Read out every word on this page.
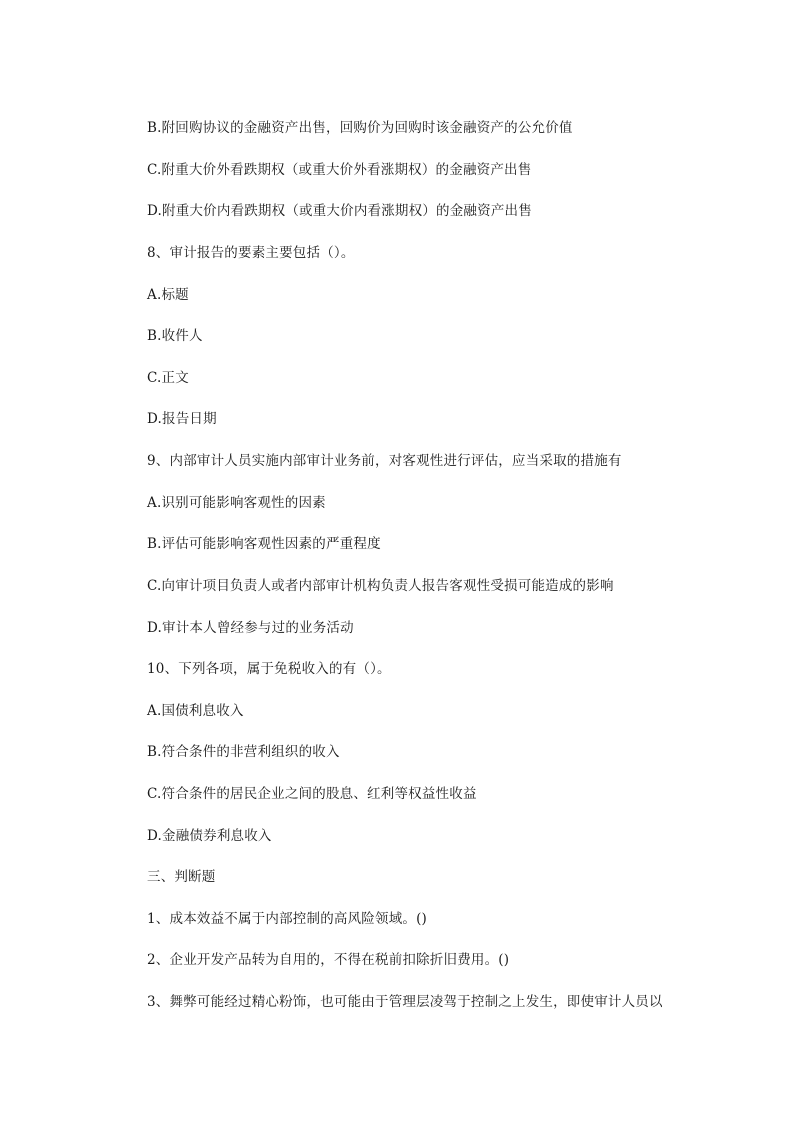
B.附回购协议的金融资产出售，回购价为回购时该金融资产的公允价值
C.附重大价外看跌期权（或重大价外看涨期权）的金融资产出售
D.附重大价内看跌期权（或重大价内看涨期权）的金融资产出售
8、审计报告的要素主要包括（）。
A.标题
B.收件人
C.正文
D.报告日期
9、内部审计人员实施内部审计业务前，对客观性进行评估，应当采取的措施有
A.识别可能影响客观性的因素
B.评估可能影响客观性因素的严重程度
C.向审计项目负责人或者内部审计机构负责人报告客观性受损可能造成的影响
D.审计本人曾经参与过的业务活动
10、下列各项，属于免税收入的有（）。
A.国债利息收入
B.符合条件的非营利组织的收入
C.符合条件的居民企业之间的股息、红利等权益性收益
D.金融债券利息收入
三、判断题
1、成本效益不属于内部控制的高风险领域。()
2、企业开发产品转为自用的，不得在税前扣除折旧费用。()
3、舞弊可能经过精心粉饰，也可能由于管理层凌驾于控制之上发生，即使审计人员以
